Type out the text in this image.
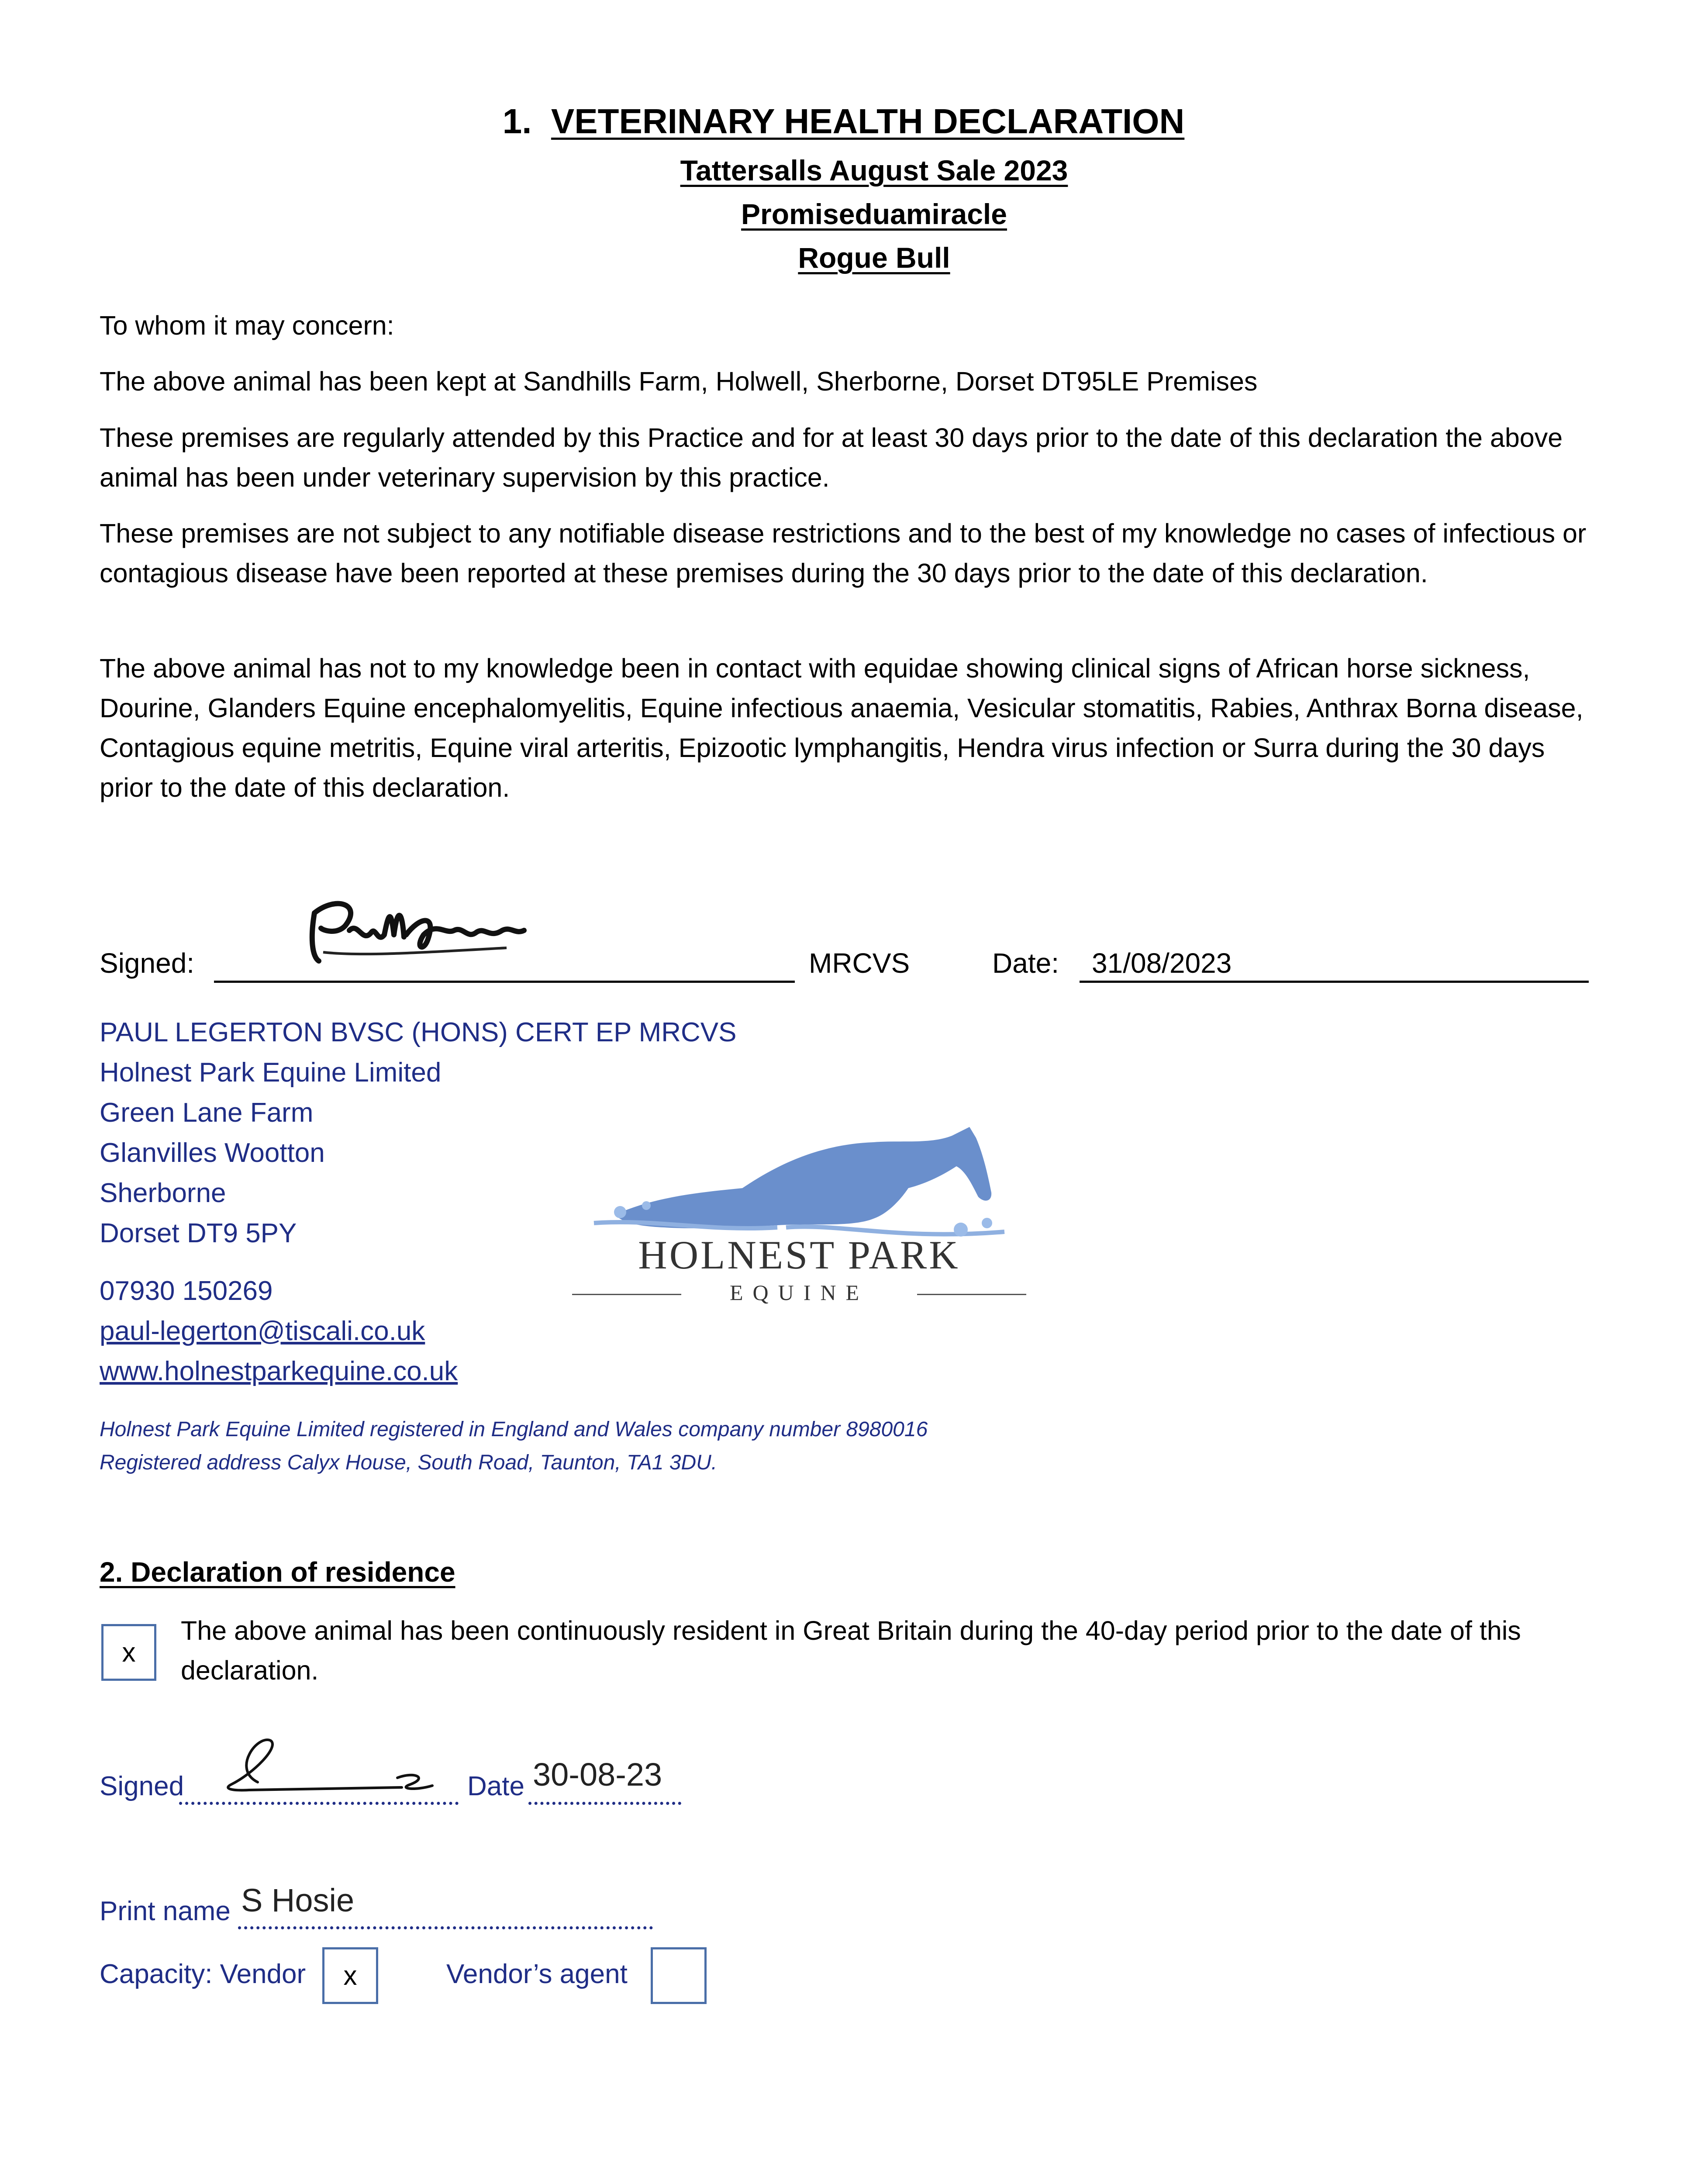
1. VETERINARY HEALTH DECLARATION
Tattersalls August Sale 2023
Promiseduamiracle
Rogue Bull

To whom it may concern:

The above animal has been kept at Sandhills Farm, Holwell, Sherborne, Dorset DT95LE Premises

These premises are regularly attended by this Practice and for at least 30 days prior to the date of this declaration the above animal has been under veterinary supervision by this practice.

These premises are not subject to any notifiable disease restrictions and to the best of my knowledge no cases of infectious or contagious disease have been reported at these premises during the 30 days prior to the date of this declaration.

The above animal has not to my knowledge been in contact with equidae showing clinical signs of African horse sickness, Dourine, Glanders Equine encephalomyelitis, Equine infectious anaemia, Vesicular stomatitis, Rabies, Anthrax Borna disease, Contagious equine metritis, Equine viral arteritis, Epizootic lymphangitis, Hendra virus infection or Surra during the 30 days prior to the date of this declaration.

Signed:	MRCVS	Date: 31/08/2023
PAUL LEGERTON BVSC (HONS) CERT EP MRCVS
Holnest Park Equine Limited
Green Lane Farm
Glanvilles Wootton
Sherborne
Dorset DT9 5PY
07930 150269
paul-legerton@tiscali.co.uk
www.holnestparkequine.co.uk
HOLNEST PARK
EQUINE
Holnest Park Equine Limited registered in England and Wales company number 8980016
Registered address Calyx House, South Road, Taunton, TA1 3DU.
2. Declaration of residence
x

The above animal has been continuously resident in Great Britain during the 40-day period prior to the date of this declaration.

Signed	Date 30-08-23
Print name S Hosie
Capacity: Vendor	x	Vendor’s agent
